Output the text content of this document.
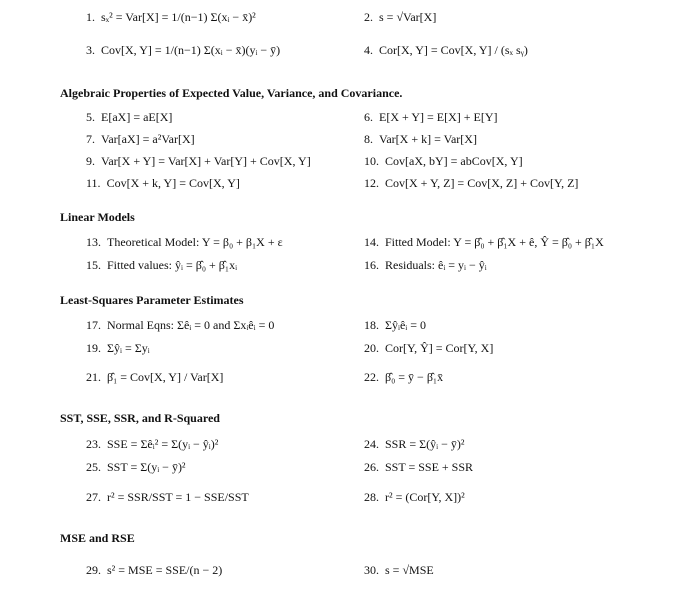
1. sₓ² = Var[X] = 1/(n−1) Σ(xᵢ − x̄)²	2. s = √Var[X]
3. Cov[X, Y] = 1/(n−1) Σ(xᵢ − x̄)(yᵢ − ȳ)	4. Cor[X, Y] = Cov[X, Y] / (sₓ sᵧ)
Algebraic Properties of Expected Value, Variance, and Covariance.
5. E[aX] = aE[X]	6. E[X + Y] = E[X] + E[Y]
7. Var[aX] = a²Var[X]	8. Var[X + k] = Var[X]
9. Var[X + Y] = Var[X] + Var[Y] + Cov[X, Y]	10. Cov[aX, bY] = abCov[X, Y]
11. Cov[X + k, Y] = Cov[X, Y]	12. Cov[X + Y, Z] = Cov[X, Z] + Cov[Y, Z]
Linear Models
13. Theoretical Model: Y = β₀ + β₁X + ε	14. Fitted Model: Y = β̂₀ + β̂₁X + ê, Ŷ = β̂₀ + β̂₁X
15. Fitted values: ŷᵢ = β̂₀ + β̂₁xᵢ	16. Residuals: êᵢ = yᵢ − ŷᵢ
Least-Squares Parameter Estimates
17. Normal Eqns: Σêᵢ = 0 and Σxᵢêᵢ = 0	18. Σŷᵢêᵢ = 0
19. Σŷᵢ = Σyᵢ	20. Cor[Y, Ŷ] = Cor[Y, X]
21. β̂₁ = Cov[X, Y] / Var[X]	22. β̂₀ = ȳ − β̂₁x̄
SST, SSE, SSR, and R-Squared
23. SSE = Σêᵢ² = Σ(yᵢ − ŷᵢ)²	24. SSR = Σ(ŷᵢ − ȳ)²
25. SST = Σ(yᵢ − ȳ)²	26. SST = SSE + SSR
27. r² = SSR/SST = 1 − SSE/SST	28. r² = (Cor[Y, X])²
MSE and RSE
29. s² = MSE = SSE/(n − 2)	30. s = √MSE
